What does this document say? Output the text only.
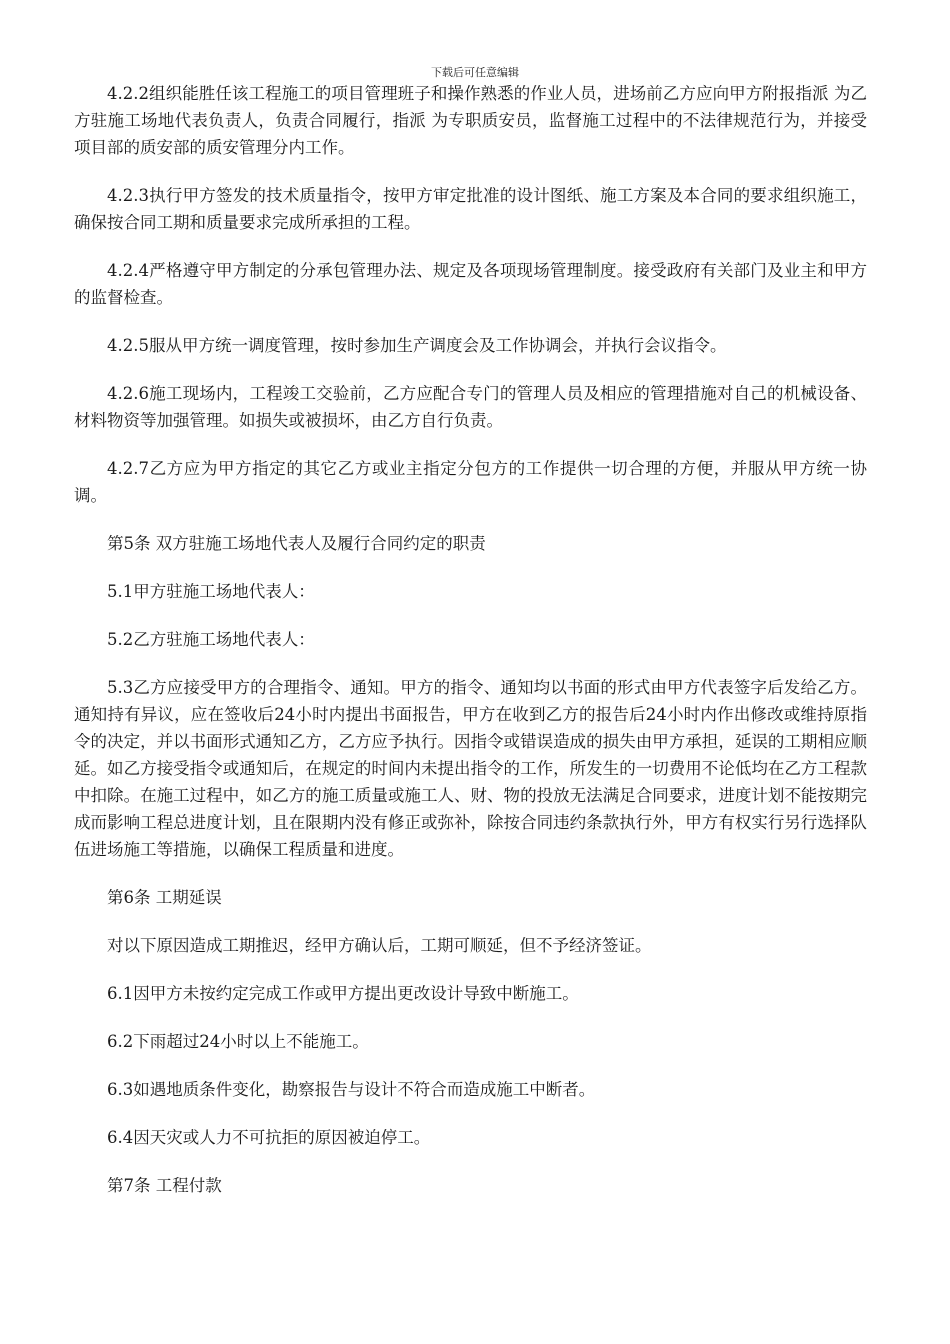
下载后可任意编辑

4.2.2组织能胜任该工程施工的项目管理班子和操作熟悉的作业人员，进场前乙方应向甲方附报指派 为乙方驻施工场地代表负责人，负责合同履行，指派 为专职质安员，监督施工过程中的不法律规范行为，并接受项目部的质安部的质安管理分内工作。

4.2.3执行甲方签发的技术质量指令，按甲方审定批准的设计图纸、施工方案及本合同的要求组织施工，确保按合同工期和质量要求完成所承担的工程。

4.2.4严格遵守甲方制定的分承包管理办法、规定及各项现场管理制度。接受政府有关部门及业主和甲方的监督检查。

4.2.5服从甲方统一调度管理，按时参加生产调度会及工作协调会，并执行会议指令。

4.2.6施工现场内，工程竣工交验前，乙方应配合专门的管理人员及相应的管理措施对自己的机械设备、材料物资等加强管理。如损失或被损坏，由乙方自行负责。

4.2.7乙方应为甲方指定的其它乙方或业主指定分包方的工作提供一切合理的方便，并服从甲方统一协调。

第5条 双方驻施工场地代表人及履行合同约定的职责

5.1甲方驻施工场地代表人：

5.2乙方驻施工场地代表人：

5.3乙方应接受甲方的合理指令、通知。甲方的指令、通知均以书面的形式由甲方代表签字后发给乙方。通知持有异议，应在签收后24小时内提出书面报告，甲方在收到乙方的报告后24小时内作出修改或维持原指令的决定，并以书面形式通知乙方，乙方应予执行。因指令或错误造成的损失由甲方承担，延误的工期相应顺延。如乙方接受指令或通知后，在规定的时间内未提出指令的工作，所发生的一切费用不论低均在乙方工程款中扣除。在施工过程中，如乙方的施工质量或施工人、财、物的投放无法满足合同要求，进度计划不能按期完成而影响工程总进度计划，且在限期内没有修正或弥补，除按合同违约条款执行外，甲方有权实行另行选择队伍进场施工等措施，以确保工程质量和进度。

第6条 工期延误

对以下原因造成工期推迟，经甲方确认后，工期可顺延，但不予经济签证。

6.1因甲方未按约定完成工作或甲方提出更改设计导致中断施工。

6.2下雨超过24小时以上不能施工。

6.3如遇地质条件变化，勘察报告与设计不符合而造成施工中断者。

6.4因天灾或人力不可抗拒的原因被迫停工。

第7条 工程付款
